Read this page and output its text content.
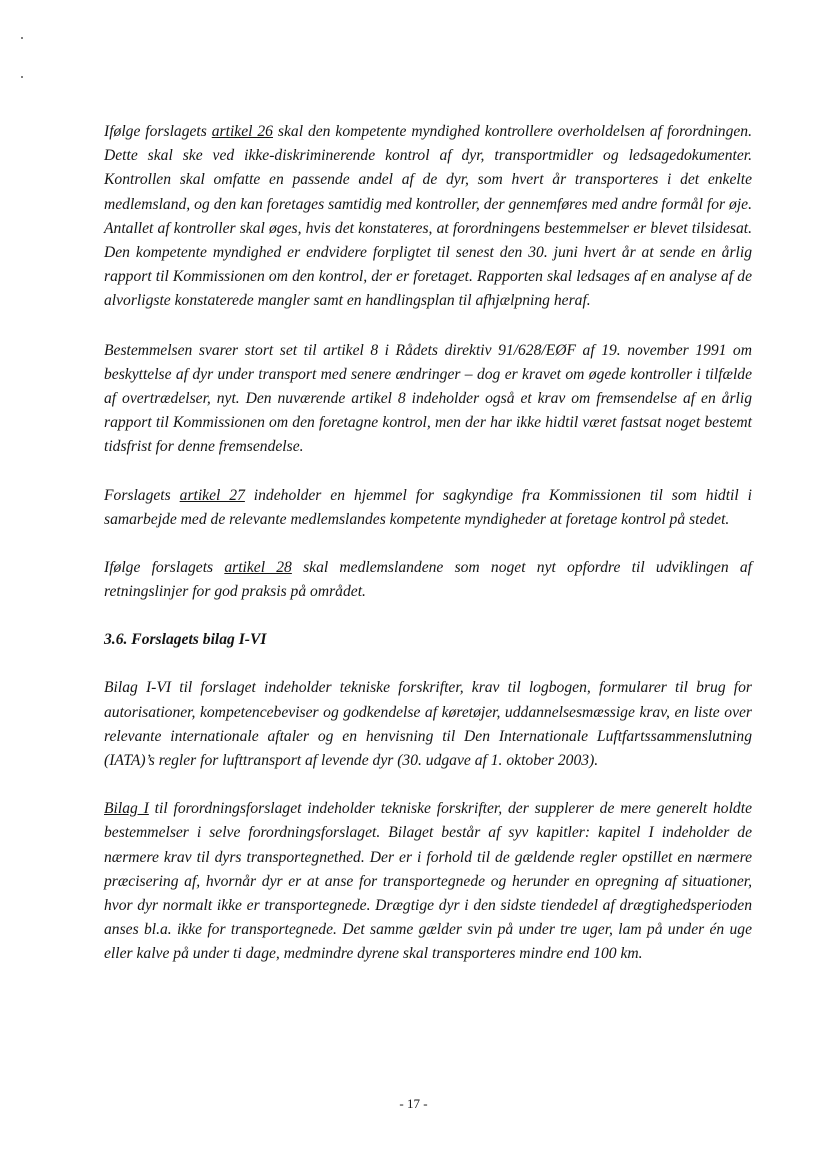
Ifølge forslagets artikel 26 skal den kompetente myndighed kontrollere overholdelsen af forordningen. Dette skal ske ved ikke-diskriminerende kontrol af dyr, transportmidler og ledsagedokumenter. Kontrollen skal omfatte en passende andel af de dyr, som hvert år transporteres i det enkelte medlemsland, og den kan foretages samtidig med kontroller, der gennemføres med andre formål for øje. Antallet af kontroller skal øges, hvis det konstateres, at forordningens bestemmelser er blevet tilsidesat. Den kompetente myndighed er endvidere forpligtet til senest den 30. juni hvert år at sende en årlig rapport til Kommissionen om den kontrol, der er foretaget. Rapporten skal ledsages af en analyse af de alvorligste konstaterede mangler samt en handlingsplan til afhjælpning heraf.

Bestemmelsen svarer stort set til artikel 8 i Rådets direktiv 91/628/EØF af 19. november 1991 om beskyttelse af dyr under transport med senere ændringer – dog er kravet om øgede kontroller i tilfælde af overtrædelser, nyt. Den nuværende artikel 8 indeholder også et krav om fremsendelse af en årlig rapport til Kommissionen om den foretagne kontrol, men der har ikke hidtil været fastsat noget bestemt tidsfrist for denne fremsendelse.

Forslagets artikel 27 indeholder en hjemmel for sagkyndige fra Kommissionen til som hidtil i samarbejde med de relevante medlemslandes kompetente myndigheder at foretage kontrol på stedet.

Ifølge forslagets artikel 28 skal medlemslandene som noget nyt opfordre til udviklingen af retningslinjer for god praksis på området.

3.6. Forslagets bilag I-VI

Bilag I-VI til forslaget indeholder tekniske forskrifter, krav til logbogen, formularer til brug for autorisationer, kompetencebeviser og godkendelse af køretøjer, uddannelsesmæssige krav, en liste over relevante internationale aftaler og en henvisning til Den Internationale Luftfartssammenslutning (IATA)’s regler for lufttransport af levende dyr (30. udgave af 1. oktober 2003).

Bilag I til forordningsforslaget indeholder tekniske forskrifter, der supplerer de mere generelt holdte bestemmelser i selve forordningsforslaget. Bilaget består af syv kapitler: kapitel I indeholder de nærmere krav til dyrs transportegnethed. Der er i forhold til de gældende regler opstillet en nærmere præcisering af, hvornår dyr er at anse for transportegnede og herunder en opregning af situationer, hvor dyr normalt ikke er transportegnede. Drægtige dyr i den sidste tiendedel af drægtighedsperioden anses bl.a. ikke for transportegnede. Det samme gælder svin på under tre uger, lam på under én uge eller kalve på under ti dage, medmindre dyrene skal transporteres mindre end 100 km.

- 17 -
